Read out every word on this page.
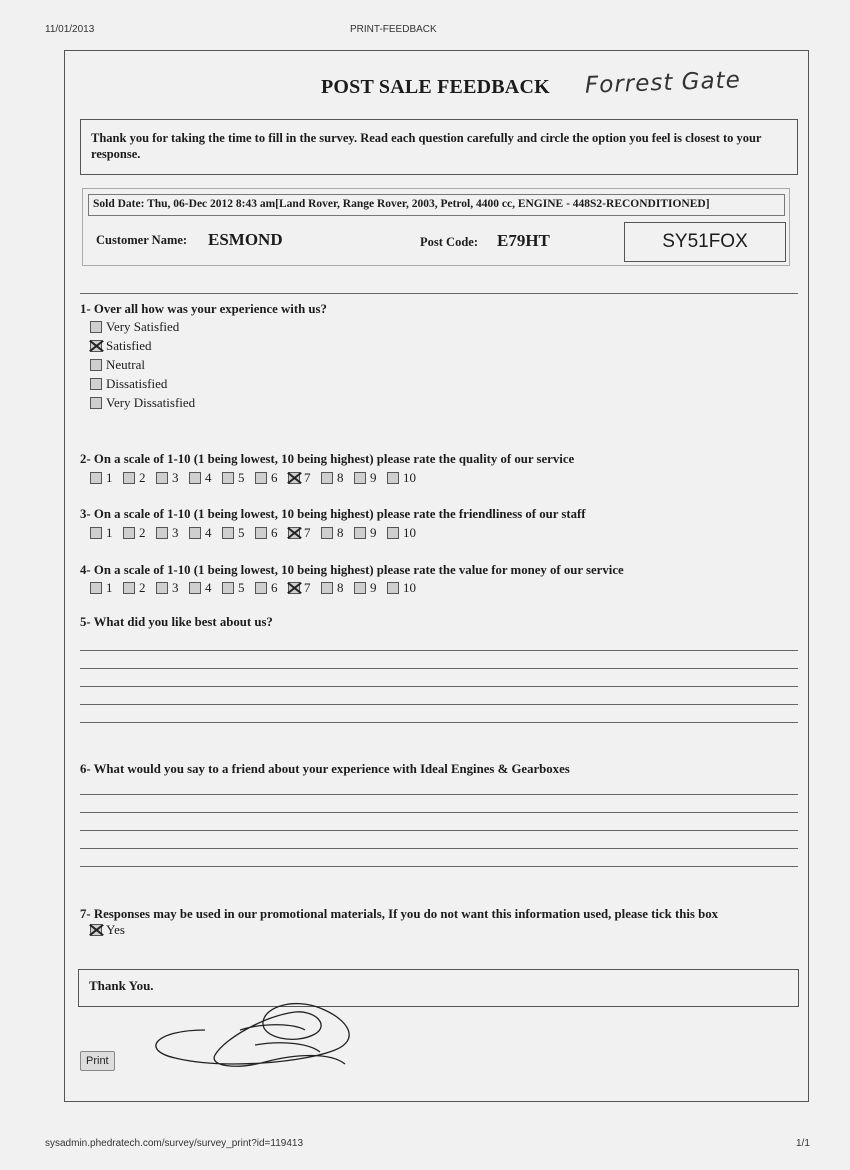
11/01/2013	PRINT-FEEDBACK
POST SALE FEEDBACK Forrest Gate
Thank you for taking the time to fill in the survey. Read each question carefully and circle the option you feel is closest to your response.
Sold Date: Thu, 06-Dec 2012 8:43 am[Land Rover, Range Rover, 2003, Petrol, 4400 cc, ENGINE - 448S2-RECONDITIONED]
Customer Name: ESMOND	Post Code: E79HT	SY51FOX
1- Over all how was your experience with us?
Very Satisfied
Satisfied
Neutral
Dissatisfied
Very Dissatisfied
2- On a scale of 1-10 (1 being lowest, 10 being highest) please rate the quality of our service
1 2 3 4 5 6 7 8 9 10
3- On a scale of 1-10 (1 being lowest, 10 being highest) please rate the friendliness of our staff
1 2 3 4 5 6 7 8 9 10
4- On a scale of 1-10 (1 being lowest, 10 being highest) please rate the value for money of our service
1 2 3 4 5 6 7 8 9 10
5- What did you like best about us?
6- What would you say to a friend about your experience with Ideal Engines & Gearboxes
7- Responses may be used in our promotional materials, If you do not want this information used, please tick this box
Yes
Thank You.
Print
sysadmin.phedratech.com/survey/survey_print?id=119413	1/1
